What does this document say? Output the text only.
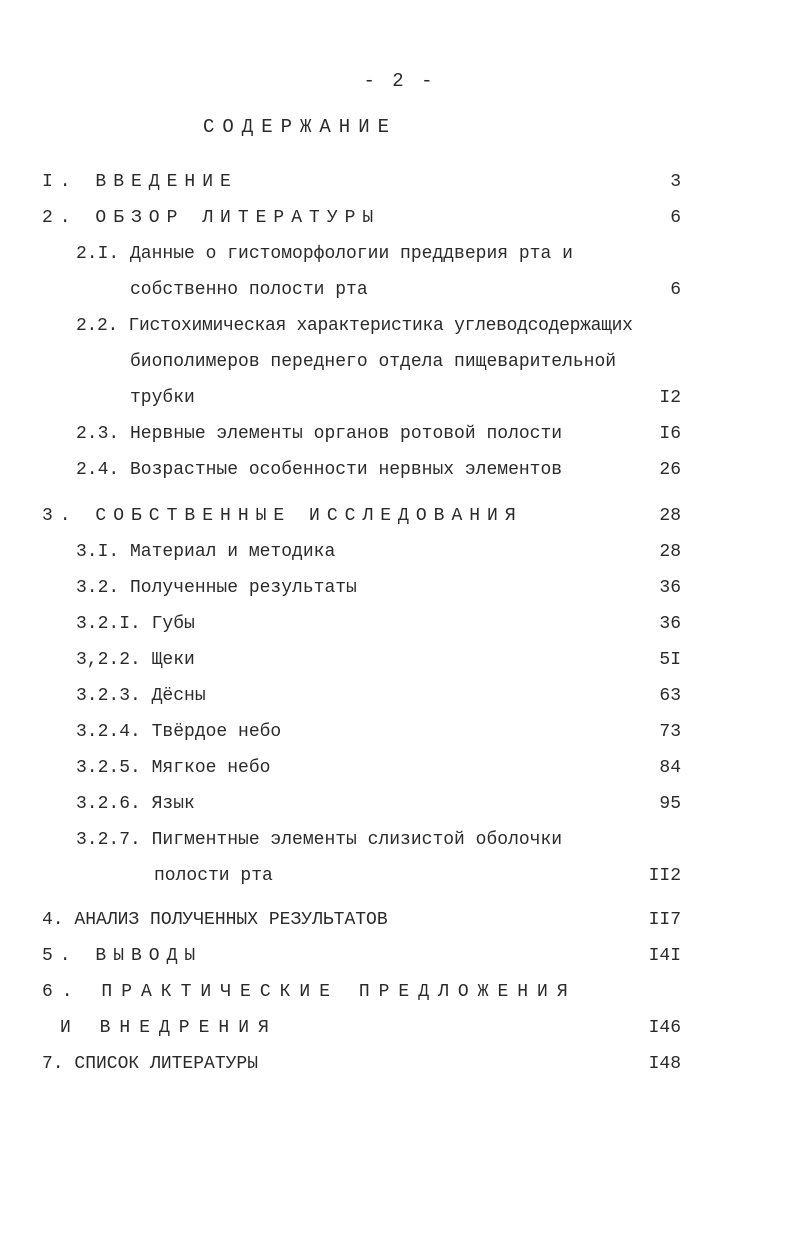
- 2 -
СОДЕРЖАНИЕ
I. ВВЕДЕНИЕ	3
2. ОБЗОР ЛИТЕРАТУРЫ	6
2.I. Данные о гистоморфологии преддверия рта и
собственно полости рта	6
2.2. Гистохимическая характеристика углеводсодержащих
биополимеров переднего отдела пищеварительной
трубки	I2
2.3. Нервные элементы органов ротовой полости	I6
2.4. Возрастные особенности нервных элементов	26
3. СОБСТВЕННЫЕ ИССЛЕДОВАНИЯ	28
3.I. Материал и методика	28
3.2. Полученные результаты	36
3.2.I. Губы	36
3,2.2. Щеки	5I
3.2.3. Дёсны	63
3.2.4. Твёрдое небо	73
3.2.5. Мягкое небо	84
3.2.6. Язык	95
3.2.7. Пигментные элементы слизистой оболочки
полости рта	II2
4. АНАЛИЗ ПОЛУЧЕННЫХ РЕЗУЛЬТАТОВ	II7
5. ВЫВОДЫ	I4I
6. ПРАКТИЧЕСКИЕ ПРЕДЛОЖЕНИЯ
И ВНЕДРЕНИЯ	I46
7. СПИСОК ЛИТЕРАТУРЫ	I48
